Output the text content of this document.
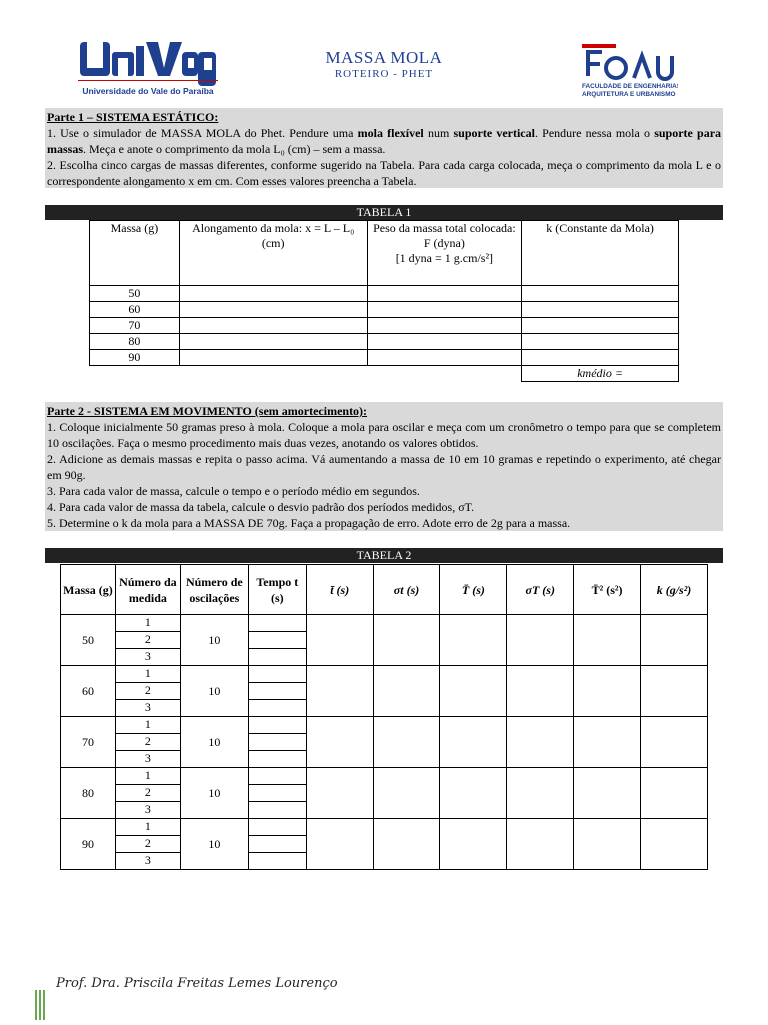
Universidade do Vale do Paraíba
MASSA MOLA
ROTEIRO - PHET
FACULDADE DE ENGENHARIAS,
ARQUITETURA E URBANISMO

Parte 1 – SISTEMA ESTÁTICO:

1. Use o simulador de MASSA MOLA do Phet. Pendure uma mola flexível num suporte vertical. Pendure nessa mola o suporte para massas. Meça e anote o comprimento da mola L₀ (cm) – sem a massa.

2. Escolha cinco cargas de massas diferentes, conforme sugerido na Tabela. Para cada carga colocada, meça o comprimento da mola L e o correspondente alongamento x em cm. Com esses valores preencha a Tabela.

TABELA 1
Massa (g)	Alongamento da mola: x = L – L₀ (cm)	Peso da massa total colocada:
F (dyna)
[1 dyna = 1 g.cm/s²]	k (Constante da Mola)
50			
60			
70			
80			
90			
			kmédio =

Parte 2 - SISTEMA EM MOVIMENTO (sem amortecimento):

1. Coloque inicialmente 50 gramas preso à mola. Coloque a mola para oscilar e meça com um cronômetro o tempo para que se completem 10 oscilações. Faça o mesmo procedimento mais duas vezes, anotando os valores obtidos.

2. Adicione as demais massas e repita o passo acima. Vá aumentando a massa de 10 em 10 gramas e repetindo o experimento, até chegar em 90g.

3. Para cada valor de massa, calcule o tempo e o período médio em segundos.

4. Para cada valor de massa da tabela, calcule o desvio padrão dos períodos medidos, σT.

5. Determine o k da mola para a MASSA DE 70g. Faça a propagação de erro. Adote erro de 2g para a massa.

TABELA 2
Massa (g)	Número da medida	Número de oscilações	Tempo t (s)	t̄ (s)	σt (s)	T̄ (s)	σT (s)	T̄² (s²)	k (g/s²)
50	1	10							
	2								
	3								
60	1	10							
	2								
	3								
70	1	10							
	2								
	3								
80	1	10							
	2								
	3								
90	1	10							
	2								
	3								
Prof. Dra. Priscila Freitas Lemes Lourenço
